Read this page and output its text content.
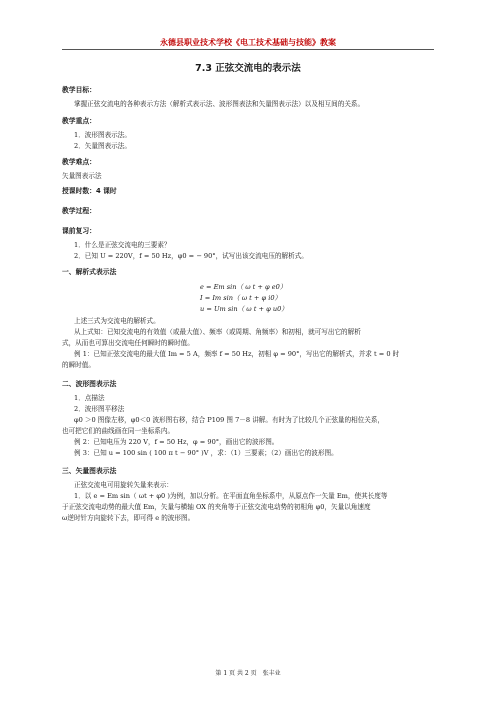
永德县职业技术学校《电工技术基础与技能》教案
7.3 正弦交流电的表示法
教学目标：
掌握正弦交流电的各种表示方法（解析式表示法、波形图表法和矢量图表示法）以及相互间的关系。
教学重点：
1．波形图表示法。
2．矢量图表示法。
教学难点：
矢量图表示法
授课时数：4 课时
教学过程：
课前复习：
1．什么是正弦交流电的三要素？
2．已知 U = 220V，f = 50 Hz，φ0 = − 90°，试写出该交流电压的解析式。
一、解析式表示法
e = Em sin（ ω t + φ e0）
I = Im sin（ ω t + φ i0）
u = Um sin（ ω t + φ u0）
上述三式为交流电的解析式。
从上式知：已知交流电的有效值（或最大值）、频率（或周期、角频率）和初相，就可写出它的解析
式，从而也可算出交流电任何瞬时的瞬时值。
例 1：已知正弦交流电的最大值 Im = 5 A，频率 f = 50 Hz，初相 φ = 90°，写出它的解析式，并求 t = 0 时
的瞬时值。
二、波形图表示法
1．点描法
2．波形图平移法
φ0 ＞0 图像左移，φ0＜0 波形图右移，结合 P109 图 7－8 讲解。有时为了比较几个正弦量的相位关系，
也可把它们的曲线画在同一坐标系内。
例 2：已知电压为 220 V，f = 50 Hz，φ = 90°，画出它的波形图。
例 3：已知 u = 100 sin ( 100 π t − 90° )V ，求：（1）三要素；（2）画出它的波形图。
三、矢量图表示法
正弦交流电可用旋转矢量来表示：
1．以 e = Em sin（ ωt + φ0 )为例，加以分析。在平面直角坐标系中，从原点作一矢量 Em，使其长度等
于正弦交流电动势的最大值 Em，矢量与横轴 OX 的夹角等于正弦交流电动势的初相角 φ0，矢量以角速度
ω逆时针方向旋转下去，即可得 e 的波形图。
第 1 页 共 2 页　张丰业
